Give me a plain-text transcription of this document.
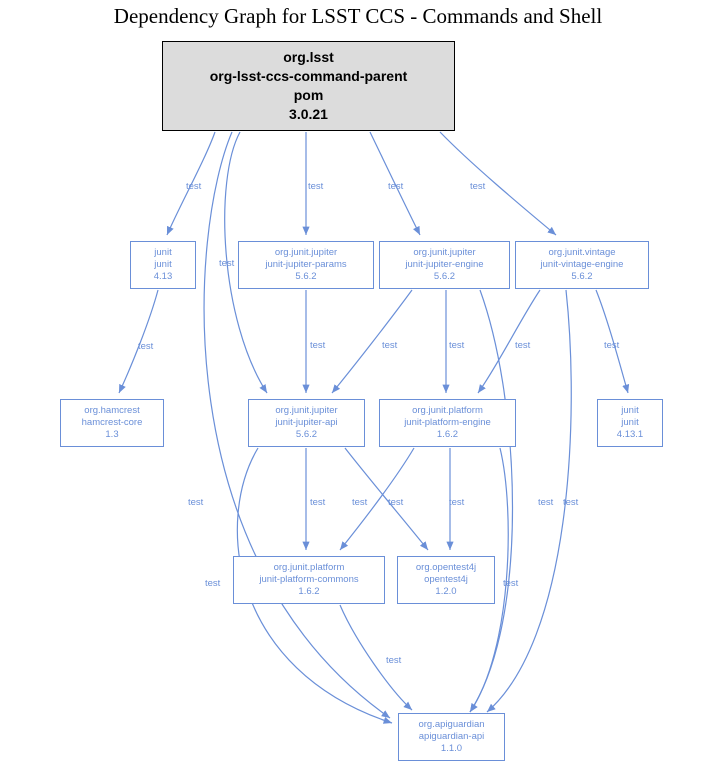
Dependency Graph for LSST CCS - Commands and Shell
org.lsst
org-lsst-ccs-command-parent
pom
3.0.21
junit
junit
4.13
org.junit.jupiter
junit-jupiter-params
5.6.2
org.junit.jupiter
junit-jupiter-engine
5.6.2
org.junit.vintage
junit-vintage-engine
5.6.2
org.hamcrest
hamcrest-core
1.3
org.junit.jupiter
junit-jupiter-api
5.6.2
org.junit.platform
junit-platform-engine
1.6.2
junit
junit
4.13.1
org.junit.platform
junit-platform-commons
1.6.2
org.opentest4j
opentest4j
1.2.0
org.apiguardian
apiguardian-api
1.1.0
test	test	test	test
test
test	test	test	test	test	test
test	test	test test	test	test test
test
test
test
